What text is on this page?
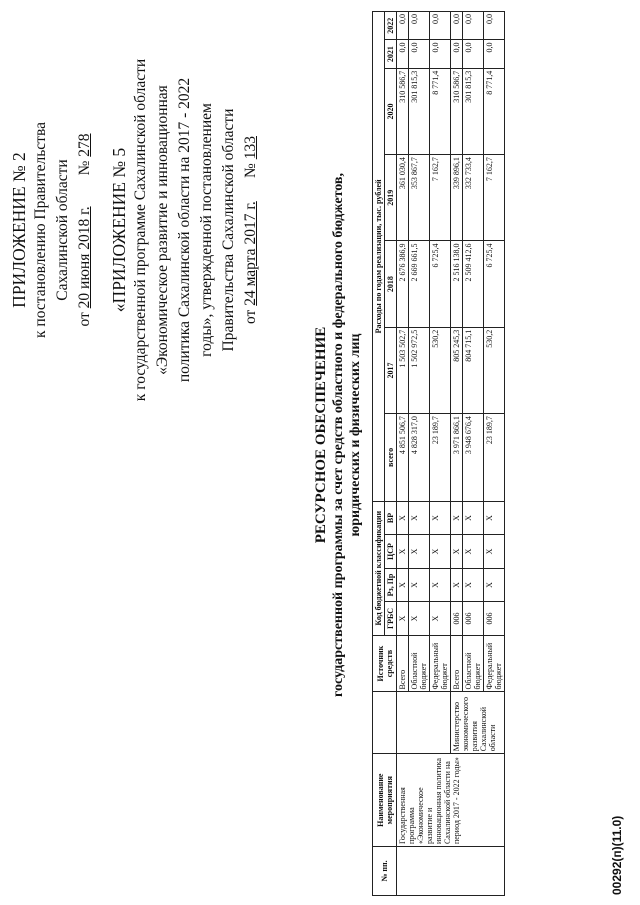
ПРИЛОЖЕНИЕ № 2 к постановлению Правительства Сахалинской области
от 20 июня 2018 г.        № 278
«ПРИЛОЖЕНИЕ № 5 к государственной программе Сахалинской области «Экономическое развитие и инновационная политика Сахалинской области на 2017 - 2022 годы», утвержденной постановлением Правительства Сахалинской области от 24 марта 2017 г.      № 133
РЕСУРСНОЕ ОБЕСПЕЧЕНИЕ государственной программы за счет средств областного и федерального бюджетов, юридических и физических лиц
№ пп.	Наименование мероприятия		Источник средств	Код бюджетной классификации				Расходы по годам реализации, тыс. рублей						
				ГРБС	Рз, Пр	ЦСР	ВР	всего	2017	2018	2019	2020	2021	2022
	Государственная программа «Экономическое развитие и инновационная политика Сахалинской области на период 2017 - 2022 годы»		Всего	Х	Х	Х	Х	4 851 506,7	1 503 502,7	2 676 386,9	361 030,4	310 586,7	0,0	0,0
			Областной бюджет	Х	Х	Х	Х	4 828 317,0	1 502 972,5	2 669 661,5	353 867,7	301 815,3	0,0	0,0
			Федеральный бюджет	Х	Х	Х	Х	23 189,7	530,2	6 725,4	7 162,7	8 771,4	0,0	0,0
		Министерство экономического развития Сахалинской области	Всего	006	Х	Х	Х	3 971 866,1	805 245,3	2 516 138,0	339 896,1	310 586,7	0,0	0,0
			Областной бюджет	006	Х	Х	Х	3 948 676,4	804 715,1	2 509 412,6	332 733,4	301 815,3	0,0	0,0
			Федеральный бюджет	006	Х	Х	Х	23 189,7	530,2	6 725,4	7 162,7	8 771,4	0,0	0,0
00292(п)(11.0)
